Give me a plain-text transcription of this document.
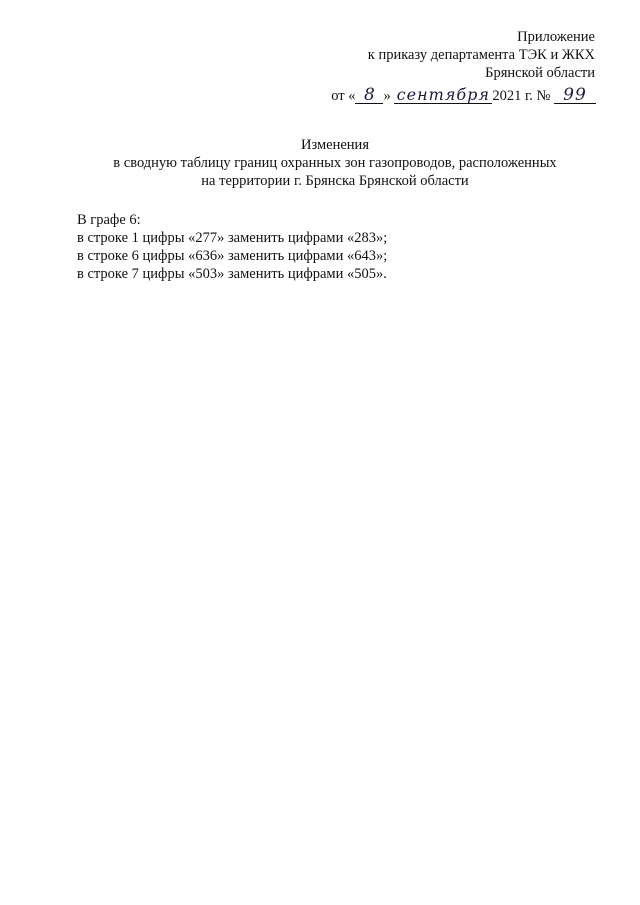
Приложение
к приказу департамента ТЭК и ЖКХ
Брянской области
от « 8 » сентября 2021 г. № 99
Изменения
в сводную таблицу границ охранных зон газопроводов, расположенных
на территории г. Брянска Брянской области
В графе 6:
в строке 1 цифры «277» заменить цифрами «283»;
в строке 6 цифры «636» заменить цифрами «643»;
в строке 7 цифры «503» заменить цифрами «505».
